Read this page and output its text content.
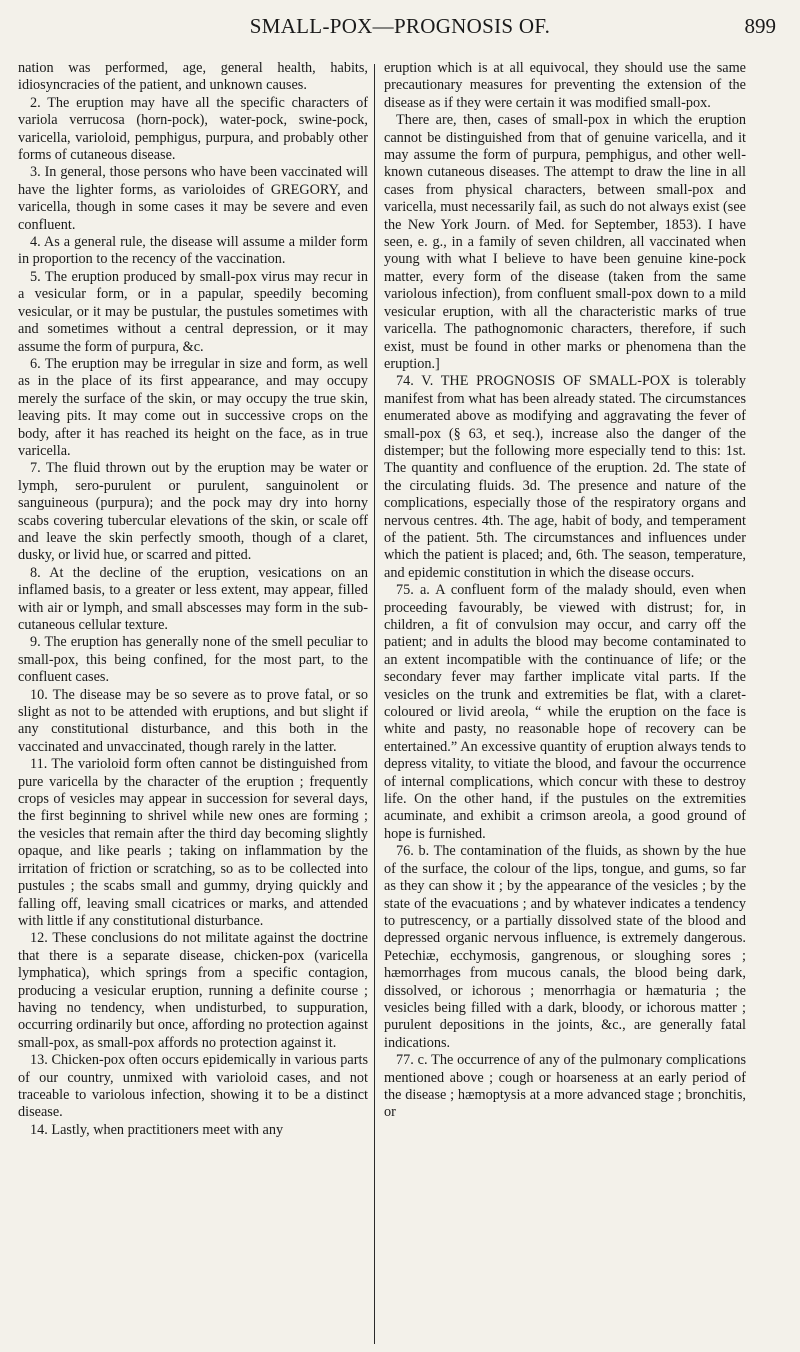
SMALL-POX—PROGNOSIS OF.	899

nation was performed, age, general health, habits, idiosyncracies of the patient, and unknown causes.

2. The eruption may have all the specific characters of variola verrucosa (horn-pock), water-pock, swine-pock, varicella, varioloid, pemphigus, purpura, and probably other forms of cutaneous disease.

3. In general, those persons who have been vaccinated will have the lighter forms, as varioloides of GREGORY, and varicella, though in some cases it may be severe and even confluent.

4. As a general rule, the disease will assume a milder form in proportion to the recency of the vaccination.

5. The eruption produced by small-pox virus may recur in a vesicular form, or in a papular, speedily becoming vesicular, or it may be pustular, the pustules sometimes with and sometimes without a central depression, or it may assume the form of purpura, &c.

6. The eruption may be irregular in size and form, as well as in the place of its first appearance, and may occupy merely the surface of the skin, or may occupy the true skin, leaving pits. It may come out in successive crops on the body, after it has reached its height on the face, as in true varicella.

7. The fluid thrown out by the eruption may be water or lymph, sero-purulent or purulent, sanguinolent or sanguineous (purpura); and the pock may dry into horny scabs covering tubercular elevations of the skin, or scale off and leave the skin perfectly smooth, though of a claret, dusky, or livid hue, or scarred and pitted.

8. At the decline of the eruption, vesications on an inflamed basis, to a greater or less extent, may appear, filled with air or lymph, and small abscesses may form in the sub-cutaneous cellular texture.

9. The eruption has generally none of the smell peculiar to small-pox, this being confined, for the most part, to the confluent cases.

10. The disease may be so severe as to prove fatal, or so slight as not to be attended with eruptions, and but slight if any constitutional disturbance, and this both in the vaccinated and unvaccinated, though rarely in the latter.

11. The varioloid form often cannot be distinguished from pure varicella by the character of the eruption ; frequently crops of vesicles may appear in succession for several days, the first beginning to shrivel while new ones are forming ; the vesicles that remain after the third day becoming slightly opaque, and like pearls ; taking on inflammation by the irritation of friction or scratching, so as to be collected into pustules ; the scabs small and gummy, drying quickly and falling off, leaving small cicatrices or marks, and attended with little if any constitutional disturbance.

12. These conclusions do not militate against the doctrine that there is a separate disease, chicken-pox (varicella lymphatica), which springs from a specific contagion, producing a vesicular eruption, running a definite course ; having no tendency, when undisturbed, to suppuration, occurring ordinarily but once, affording no protection against small-pox, as small-pox affords no protection against it.

13. Chicken-pox often occurs epidemically in various parts of our country, unmixed with varioloid cases, and not traceable to variolous infection, showing it to be a distinct disease.

14. Lastly, when practitioners meet with any

eruption which is at all equivocal, they should use the same precautionary measures for preventing the extension of the disease as if they were certain it was modified small-pox.

There are, then, cases of small-pox in which the eruption cannot be distinguished from that of genuine varicella, and it may assume the form of purpura, pemphigus, and other well-known cutaneous diseases. The attempt to draw the line in all cases from physical characters, between small-pox and varicella, must necessarily fail, as such do not always exist (see the New York Journ. of Med. for September, 1853). I have seen, e. g., in a family of seven children, all vaccinated when young with what I believe to have been genuine kine-pock matter, every form of the disease (taken from the same variolous infection), from confluent small-pox down to a mild vesicular eruption, with all the characteristic marks of true varicella. The pathognomonic characters, therefore, if such exist, must be found in other marks or phenomena than the eruption.]

74. V. THE PROGNOSIS OF SMALL-POX is tolerably manifest from what has been already stated. The circumstances enumerated above as modifying and aggravating the fever of small-pox (§ 63, et seq.), increase also the danger of the distemper; but the following more especially tend to this: 1st. The quantity and confluence of the eruption. 2d. The state of the circulating fluids. 3d. The presence and nature of the complications, especially those of the respiratory organs and nervous centres. 4th. The age, habit of body, and temperament of the patient. 5th. The circumstances and influences under which the patient is placed; and, 6th. The season, temperature, and epidemic constitution in which the disease occurs.

75. a. A confluent form of the malady should, even when proceeding favourably, be viewed with distrust; for, in children, a fit of convulsion may occur, and carry off the patient; and in adults the blood may become contaminated to an extent incompatible with the continuance of life; or the secondary fever may farther implicate vital parts. If the vesicles on the trunk and extremities be flat, with a claret-coloured or livid areola, “ while the eruption on the face is white and pasty, no reasonable hope of recovery can be entertained.” An excessive quantity of eruption always tends to depress vitality, to vitiate the blood, and favour the occurrence of internal complications, which concur with these to destroy life. On the other hand, if the pustules on the extremities acuminate, and exhibit a crimson areola, a good ground of hope is furnished.

76. b. The contamination of the fluids, as shown by the hue of the surface, the colour of the lips, tongue, and gums, so far as they can show it ; by the appearance of the vesicles ; by the state of the evacuations ; and by whatever indicates a tendency to putrescency, or a partially dissolved state of the blood and depressed organic nervous influence, is extremely dangerous. Petechiæ, ecchymosis, gangrenous, or sloughing sores ; hæmorrhages from mucous canals, the blood being dark, dissolved, or ichorous ; menorrhagia or hæmaturia ; the vesicles being filled with a dark, bloody, or ichorous matter ; purulent depositions in the joints, &c., are generally fatal indications.

77. c. The occurrence of any of the pulmonary complications mentioned above ; cough or hoarseness at an early period of the disease ; hæmoptysis at a more advanced stage ; bronchitis, or
